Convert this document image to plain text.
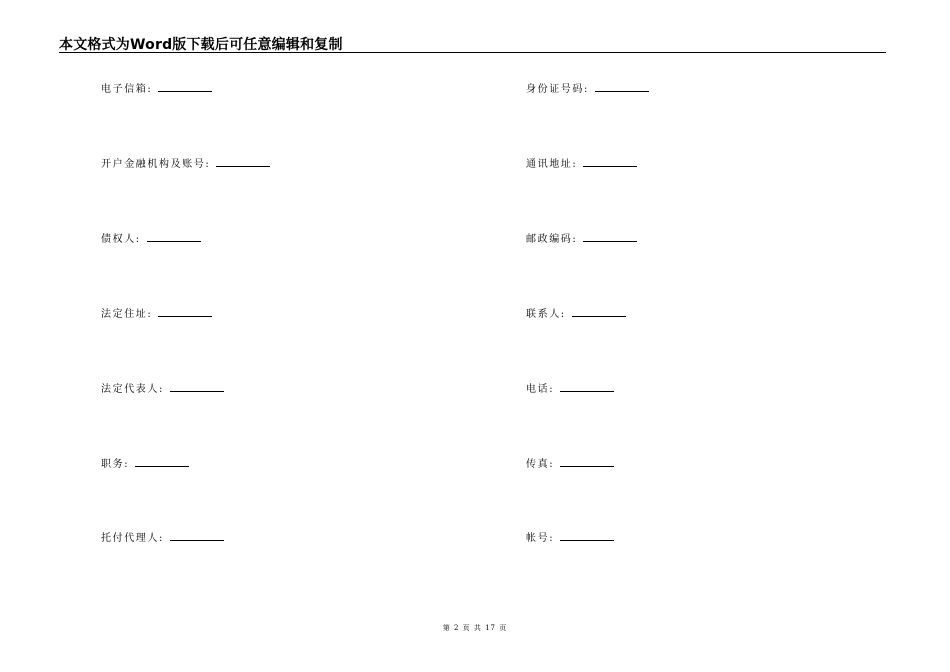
本文格式为Word版下载后可任意编辑和复制
电子信箱:
开户金融机构及账号:
债权人:
法定住址:
法定代表人:
职务:
托付代理人:
身份证号码:
通讯地址:
邮政编码:
联系人:
电话:
传真:
帐号:
第 2 页 共 17 页
